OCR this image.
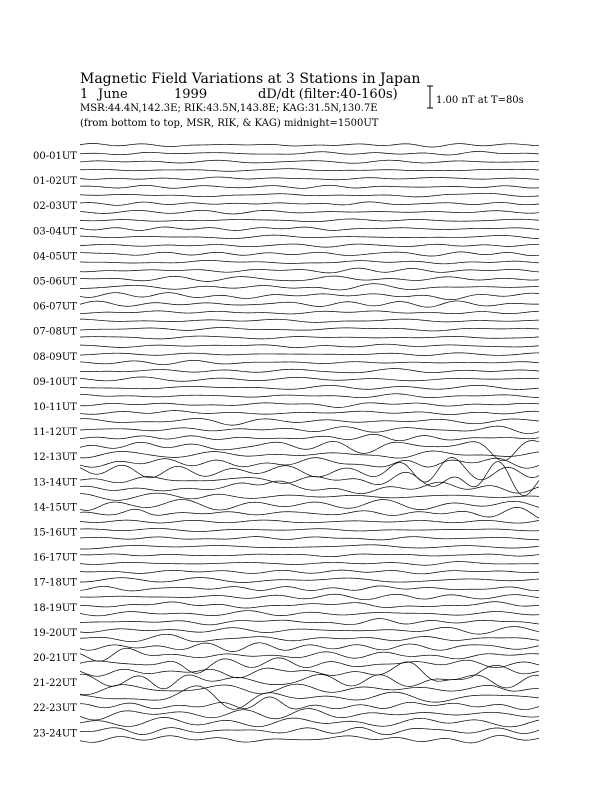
Magnetic Field Variations at 3 Stations in Japan
1 June	1999	dD/dt (filter:40-160s)
MSR:44.4N,142.3E; RIK:43.5N,143.8E; KAG:31.5N,130.7E
(from bottom to top, MSR, RIK, & KAG) midnight=1500UT
1.00 nT at T=80s
00-01UT
01-02UT
02-03UT
03-04UT
04-05UT
05-06UT
06-07UT
07-08UT
08-09UT
09-10UT
10-11UT
11-12UT
12-13UT
13-14UT
14-15UT
15-16UT
16-17UT
17-18UT
18-19UT
19-20UT
20-21UT
21-22UT
22-23UT
23-24UT
